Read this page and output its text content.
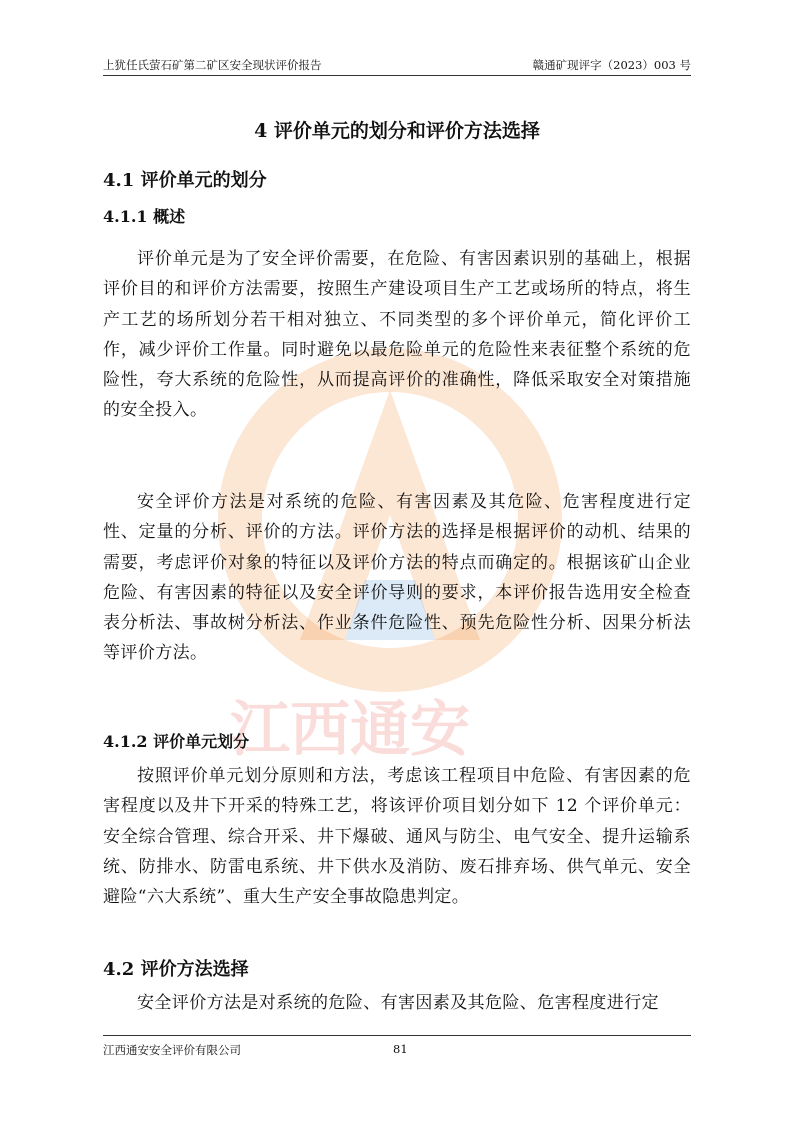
上犹任氏萤石矿第二矿区安全现状评价报告	赣通矿现评字（2023）003 号
江西通安
4 评价单元的划分和评价方法选择
4.1 评价单元的划分
4.1.1 概述

评价单元是为了安全评价需要，在危险、有害因素识别的基础上，根据评价目的和评价方法需要，按照生产建设项目生产工艺或场所的特点，将生产工艺的场所划分若干相对独立、不同类型的多个评价单元，简化评价工作，减少评价工作量。同时避免以最危险单元的危险性来表征整个系统的危险性，夸大系统的危险性，从而提高评价的准确性，降低采取安全对策措施的安全投入。

安全评价方法是对系统的危险、有害因素及其危险、危害程度进行定性、定量的分析、评价的方法。评价方法的选择是根据评价的动机、结果的需要，考虑评价对象的特征以及评价方法的特点而确定的。根据该矿山企业危险、有害因素的特征以及安全评价导则的要求，本评价报告选用安全检查表分析法、事故树分析法、作业条件危险性、预先危险性分析、因果分析法等评价方法。

4.1.2 评价单元划分

按照评价单元划分原则和方法，考虑该工程项目中危险、有害因素的危害程度以及井下开采的特殊工艺，将该评价项目划分如下 12 个评价单元：安全综合管理、综合开采、井下爆破、通风与防尘、电气安全、提升运输系统、防排水、防雷电系统、井下供水及消防、废石排弃场、供气单元、安全避险“六大系统”、重大生产安全事故隐患判定。

4.2 评价方法选择

安全评价方法是对系统的危险、有害因素及其危险、危害程度进行定

江西通安安全评价有限公司	81
